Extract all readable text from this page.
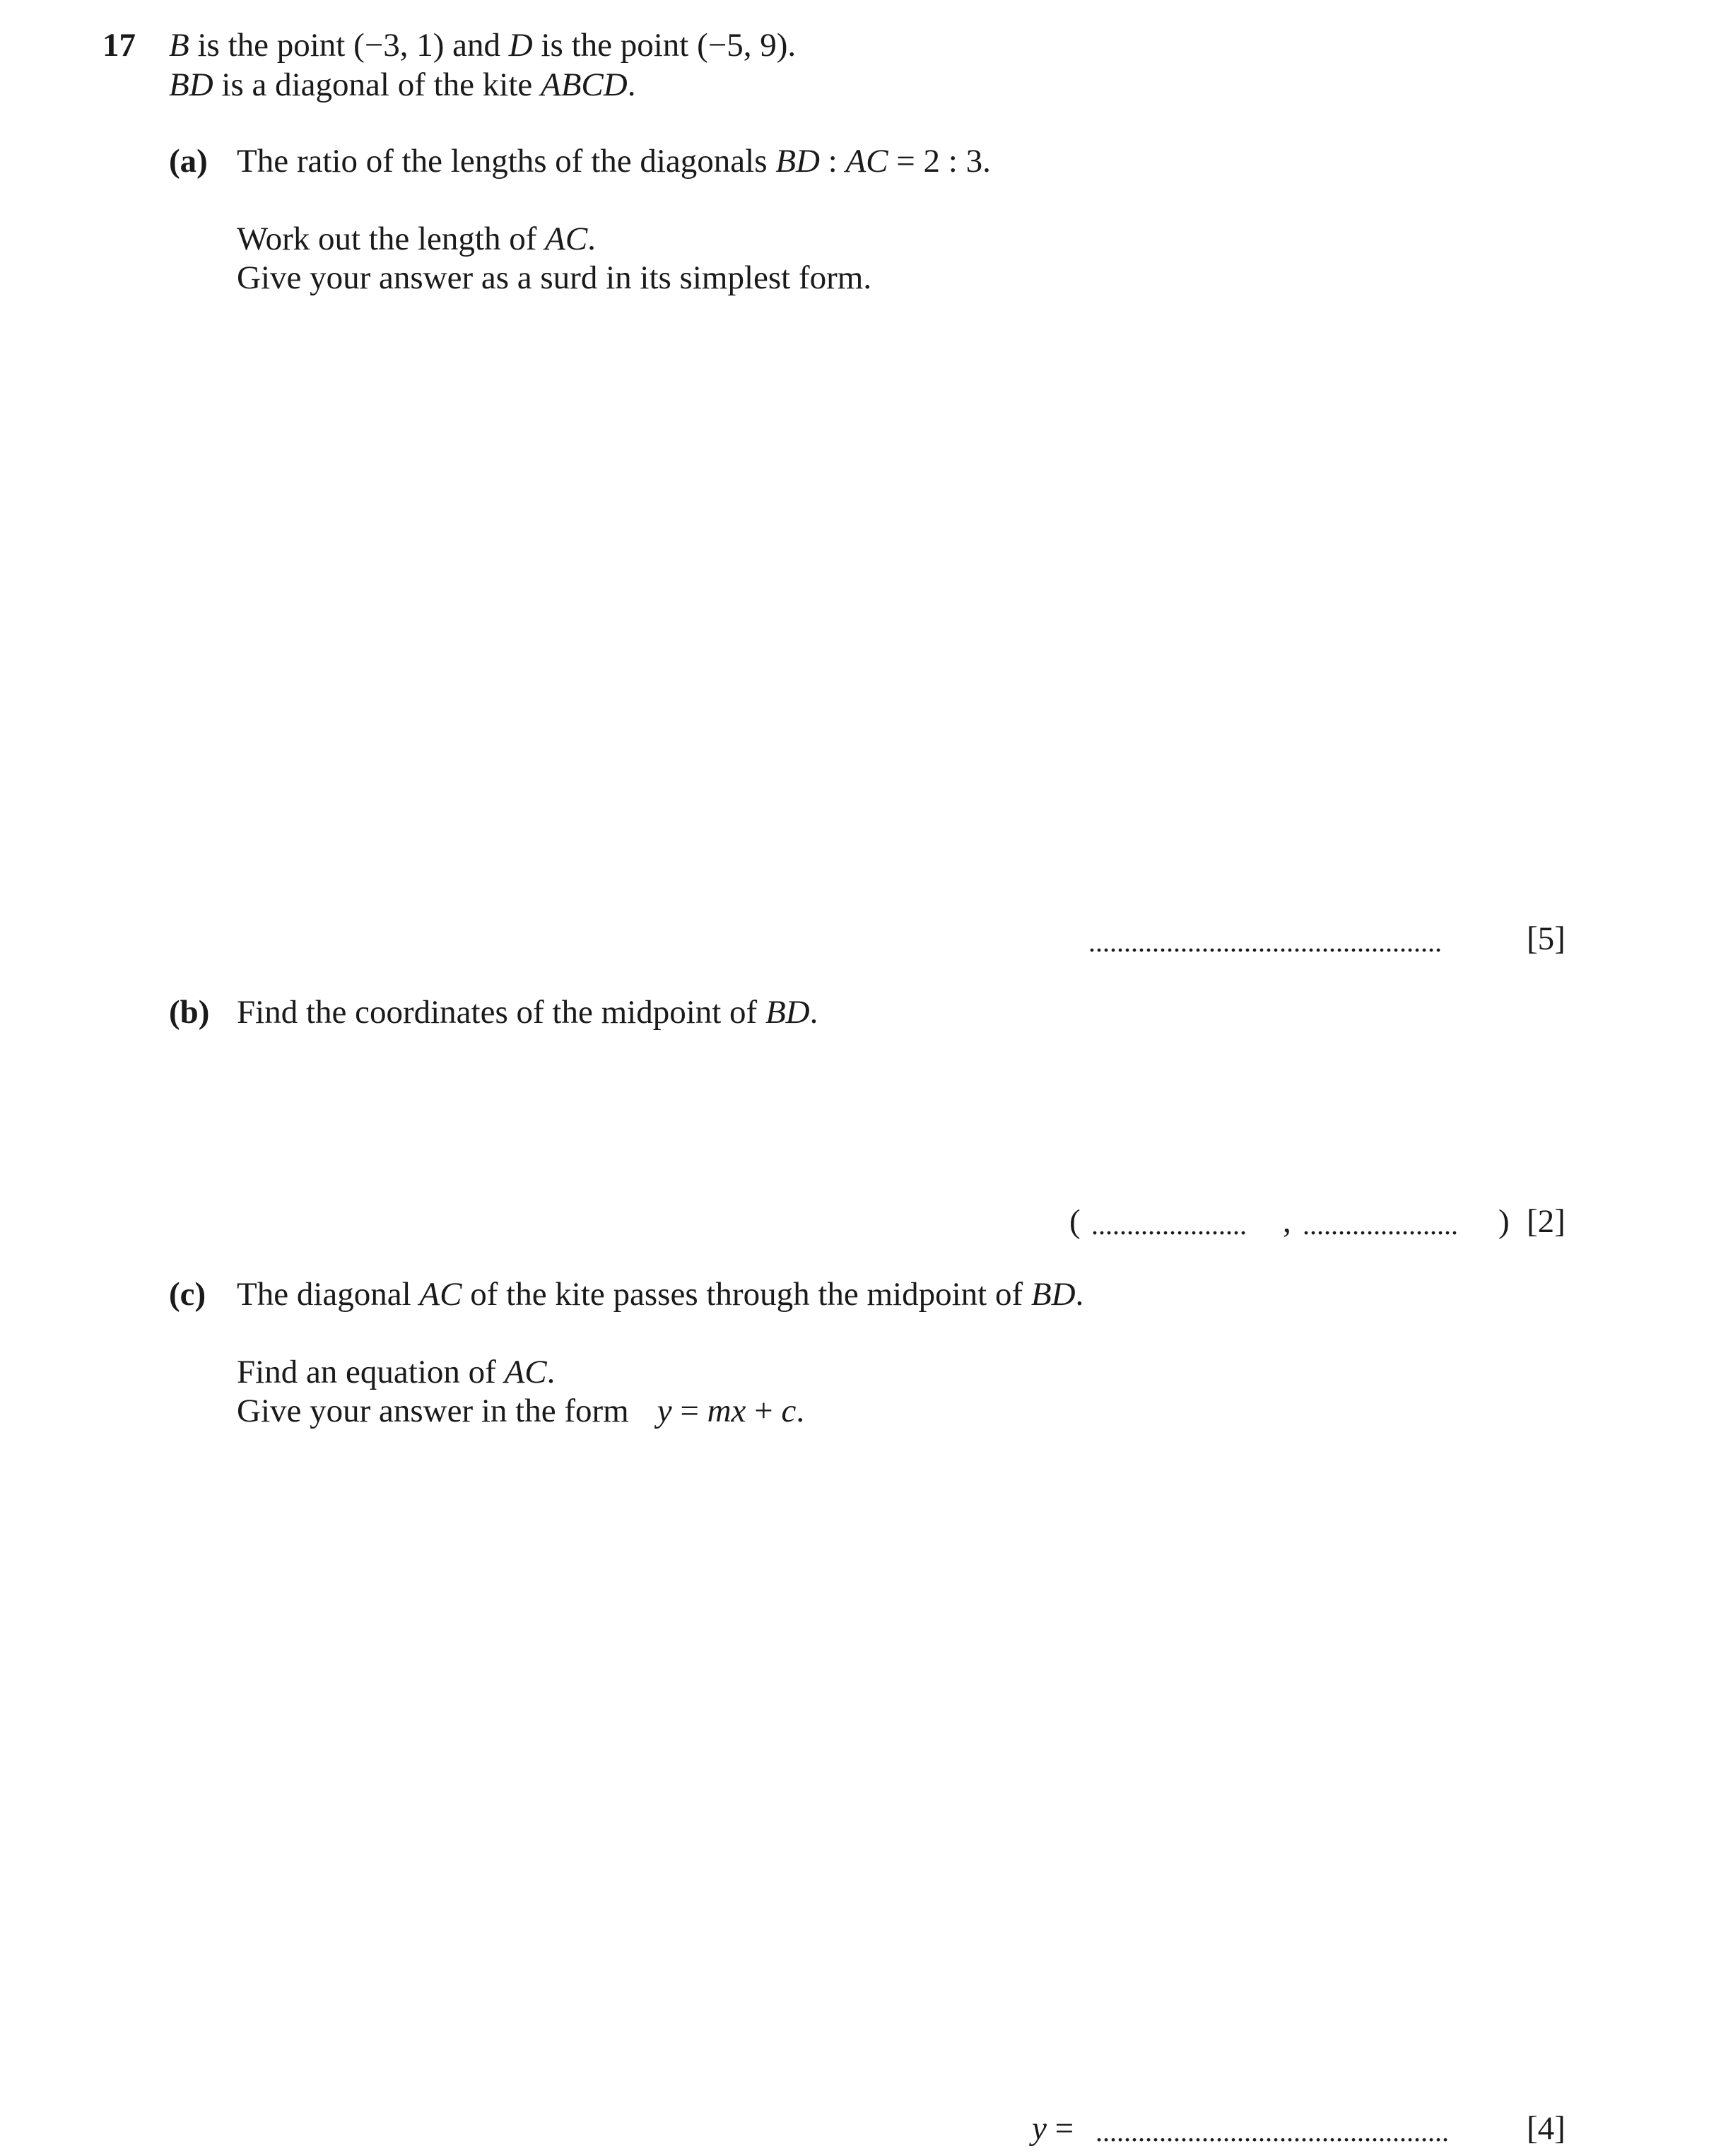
17 B is the point (−3, 1) and D is the point (−5, 9).
BD is a diagonal of the kite ABCD.
(a) The ratio of the lengths of the diagonals BD : AC = 2 : 3.
Work out the length of AC.
Give your answer as a surd in its simplest form.
..................................................	[5]
(b) Find the coordinates of the midpoint of BD.
( ...................... , ...................... ) [2]
(c) The diagonal AC of the kite passes through the midpoint of BD.
Find an equation of AC.
Give your answer in the form y = mx + c.
y = .................................................. [4]
